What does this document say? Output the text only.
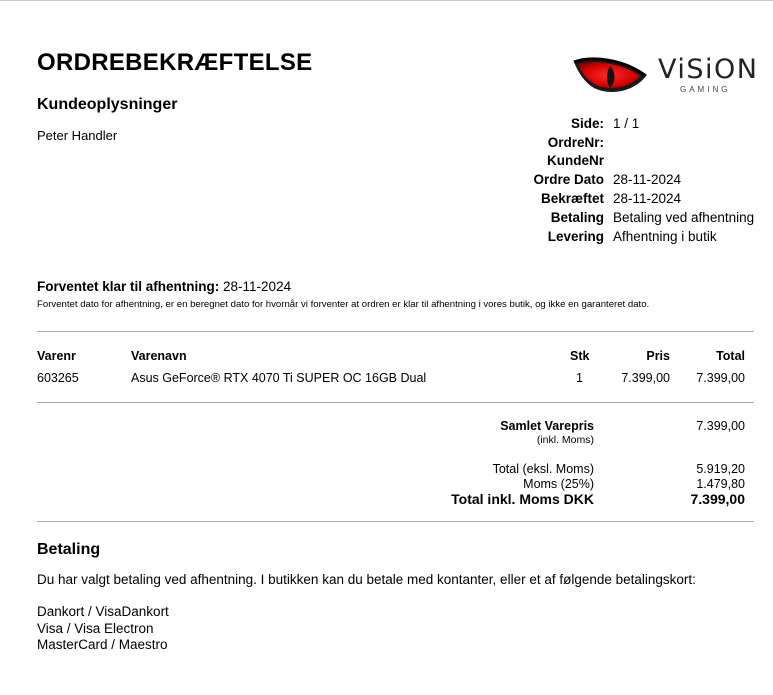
ORDREBEKRÆFTELSE
Kundeoplysninger
Peter Handler
ViSiON
GAMING
Side: 1 / 1
OrdreNr:
KundeNr
Ordre Dato 28-11-2024
Bekræftet 28-11-2024
Betaling Betaling ved afhentning
Levering Afhentning i butik
Forventet klar til afhentning: 28-11-2024
Forventet dato for afhentning, er en beregnet dato for hvornår vi forventer at ordren er klar til afhentning i vores butik, og ikke en garanteret dato.
Varenr	Varenavn	Stk	Pris	Total
603265	Asus GeForce® RTX 4070 Ti SUPER OC 16GB Dual	1	7.399,00 7.399,00
Samlet Varepris
(inkl. Moms)
7.399,00
Total (eksl. Moms)	5.919,20
Moms (25%)	1.479,80
Total inkl. Moms DKK	7.399,00
Betaling
Du har valgt betaling ved afhentning. I butikken kan du betale med kontanter, eller et af følgende betalingskort:
Dankort / VisaDankort
Visa / Visa Electron
MasterCard / Maestro
